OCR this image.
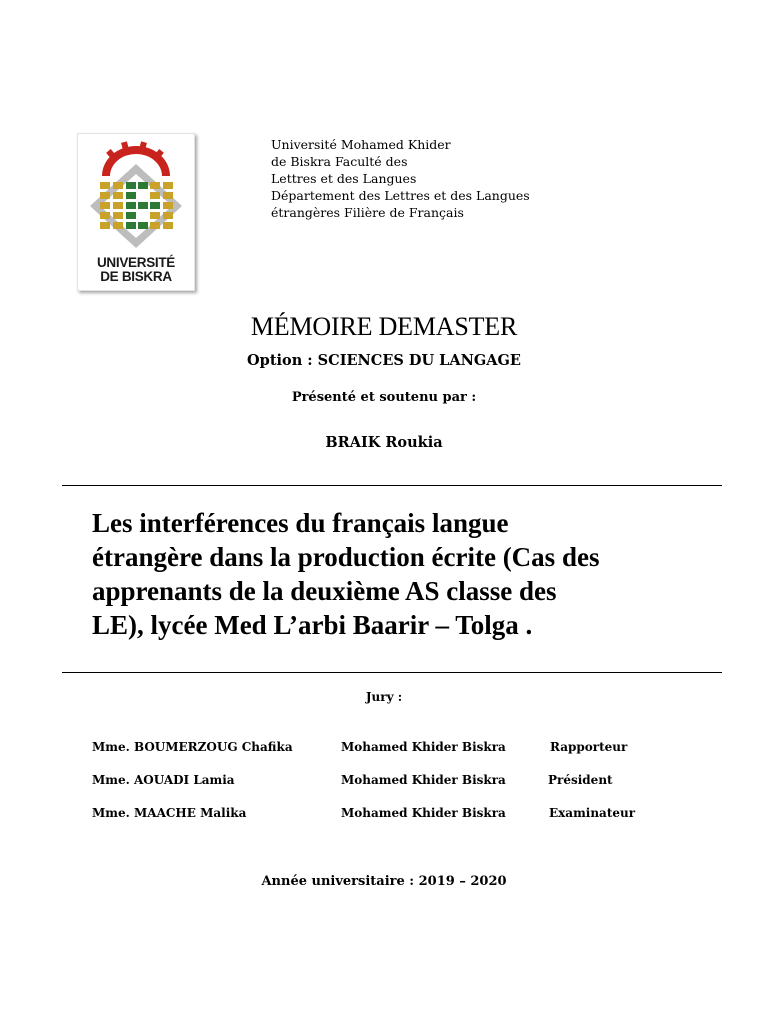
UNIVERSITÉ
DE BISKRA
Université Mohamed Khider
de Biskra Faculté des
Lettres et des Langues
Département des Lettres et des Langues
étrangères Filière de Français
MÉMOIRE DEMASTER
Option : SCIENCES DU LANGAGE
Présenté et soutenu par :
BRAIK Roukia
Les interférences du français langue
étrangère dans la production écrite (Cas des
apprenants de la deuxième AS classe des
LE), lycée Med L’arbi Baarir – Tolga .
Jury :
Mme. BOUMERZOUG Chafika	Mohamed Khider Biskra	Rapporteur
Mme. AOUADI Lamia	Mohamed Khider Biskra	Président
Mme. MAACHE Malika	Mohamed Khider Biskra	Examinateur
Année universitaire : 2019 – 2020
